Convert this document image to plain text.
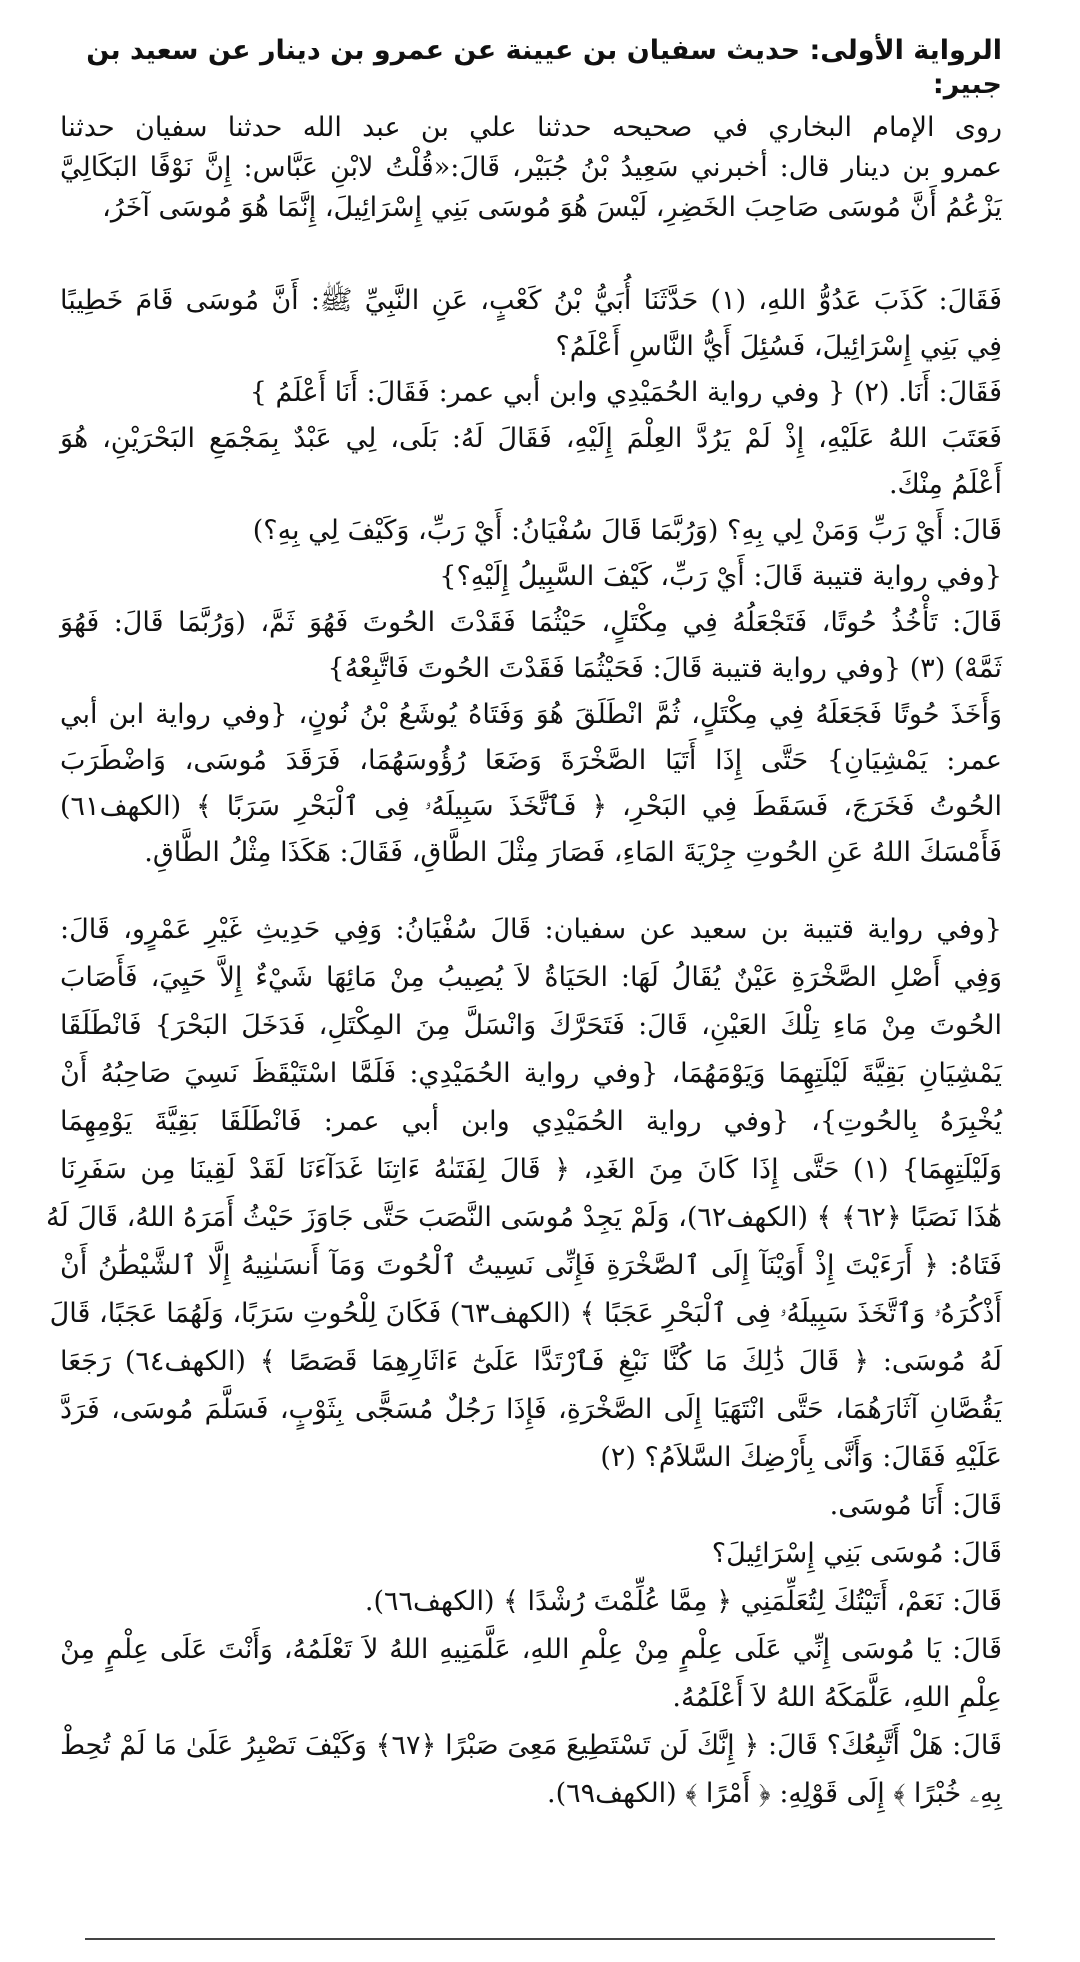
الرواية الأولى: حديث سفيان بن عيينة عن عمرو بن دينار عن سعيد بن جبير:
روى الإمام البخاري في صحيحه حدثنا علي بن عبد الله حدثنا سفيان حدثنا
عمرو بن دينار قال: أخبرني سَعِيدُ بْنُ جُبَيْر، قَالَ:«قُلْتُ لابْنِ عَبَّاس: إِنَّ نَوْفًا البَكَالِيَّ
يَزْعُمُ أَنَّ مُوسَى صَاحِبَ الخَضِرِ، لَيْسَ هُوَ مُوسَى بَنِي إِسْرَائِيلَ، إِنَّمَا هُوَ مُوسَى آخَرُ،
فَقَالَ: كَذَبَ عَدُوُّ اللهِ، (١) حَدَّثَنَا أُبَيُّ بْنُ كَعْبٍ، عَنِ النَّبِيِّ ﷺ: أَنَّ مُوسَى قَامَ خَطِيبًا
فِي بَنِي إِسْرَائِيلَ، فَسُئِلَ أَيُّ النَّاسِ أَعْلَمُ؟
فَقَالَ: أَنَا. (٢) { وفي رواية الحُمَيْدِي وابن أبي عمر: فَقَالَ: أَنَا أَعْلَمُ }
فَعَتَبَ اللهُ عَلَيْهِ، إِذْ لَمْ يَرُدَّ العِلْمَ إِلَيْهِ، فَقَالَ لَهُ: بَلَى، لِي عَبْدٌ بِمَجْمَعِ البَحْرَيْنِ، هُوَ
أَعْلَمُ مِنْكَ.
قَالَ: أَيْ رَبِّ وَمَنْ لِي بِهِ؟ (وَرُبَّمَا قَالَ سُفْيَانُ: أَيْ رَبِّ، وَكَيْفَ لِي بِهِ؟)
{وفي رواية قتيبة قَالَ: أَيْ رَبِّ، كَيْفَ السَّبِيلُ إِلَيْهِ؟}
قَالَ: تَأْخُذُ حُوتًا، فَتَجْعَلُهُ فِي مِكْتَلٍ، حَيْثُمَا فَقَدْتَ الحُوتَ فَهُوَ ثَمَّ، (وَرُبَّمَا قَالَ: فَهُوَ
ثَمَّهْ) (٣) {وفي رواية قتيبة قَالَ: فَحَيْثُمَا فَقَدْتَ الحُوتَ فَاتَّبِعْهُ}
وَأَخَذَ حُوتًا فَجَعَلَهُ فِي مِكْتَلٍ، ثُمَّ انْطَلَقَ هُوَ وَفَتَاهُ يُوشَعُ بْنُ نُونٍ، {وفي رواية ابن أبي
عمر: يَمْشِيَانِ} حَتَّى إِذَا أَتَيَا الصَّخْرَةَ وَضَعَا رُؤُوسَهُمَا، فَرَقَدَ مُوسَى، وَاضْطَرَبَ
الحُوتُ فَخَرَجَ، فَسَقَطَ فِي البَحْرِ، ﴿ فَٱتَّخَذَ سَبِيلَهُۥ فِى ٱلْبَحْرِ سَرَبًا ﴾ (الكهف٦١)
فَأَمْسَكَ اللهُ عَنِ الحُوتِ جِرْيَةَ المَاءِ، فَصَارَ مِثْلَ الطَّاقِ، فَقَالَ: هَكَذَا مِثْلُ الطَّاقِ.
{وفي رواية قتيبة بن سعيد عن سفيان: قَالَ سُفْيَانُ: وَفِي حَدِيثِ غَيْرِ عَمْرٍو، قَالَ:
وَفِي أَصْلِ الصَّخْرَةِ عَيْنٌ يُقَالُ لَهَا: الحَيَاةُ لاَ يُصِيبُ مِنْ مَائِهَا شَيْءٌ إِلاَّ حَيِيَ، فَأَصَابَ
الحُوتَ مِنْ مَاءِ تِلْكَ العَيْنِ، قَالَ: فَتَحَرَّكَ وَانْسَلَّ مِنَ المِكْتَلِ، فَدَخَلَ البَحْرَ} فَانْطَلَقَا
يَمْشِيَانِ بَقِيَّةَ لَيْلَتِهِمَا وَيَوْمَهُمَا، {وفي رواية الحُمَيْدِي: فَلَمَّا اسْتَيْقَظَ نَسِيَ صَاحِبُهُ أَنْ
يُخْبِرَهُ بِالحُوتِ}، {وفي رواية الحُمَيْدِي وابن أبي عمر: فَانْطَلَقَا بَقِيَّةَ يَوْمِهِمَا
وَلَيْلَتِهِمَا} (١) حَتَّى إِذَا كَانَ مِنَ الغَدِ، ﴿ قَالَ لِفَتَىٰهُ ءَاتِنَا غَدَآءَنَا لَقَدْ لَقِينَا مِن سَفَرِنَا
هَٰذَا نَصَبًا ﴿٦٢﴾ ﴾ (الكهف٦٢)، وَلَمْ يَجِدْ مُوسَى النَّصَبَ حَتَّى جَاوَزَ حَيْثُ أَمَرَهُ اللهُ، قَالَ لَهُ
فَتَاهُ: ﴿ أَرَءَيْتَ إِذْ أَوَيْنَآ إِلَى ٱلصَّخْرَةِ فَإِنِّى نَسِيتُ ٱلْحُوتَ وَمَآ أَنسَىٰنِيهُ إِلَّا ٱلشَّيْطَٰنُ أَنْ
أَذْكُرَهُۥ وَٱتَّخَذَ سَبِيلَهُۥ فِى ٱلْبَحْرِ عَجَبًا ﴾ (الكهف٦٣) فَكَانَ لِلْحُوتِ سَرَبًا، وَلَهُمَا عَجَبًا، قَالَ
لَهُ مُوسَى: ﴿ قَالَ ذَٰلِكَ مَا كُنَّا نَبْغِ فَٱرْتَدَّا عَلَىٰٓ ءَاثَارِهِمَا قَصَصًا ﴾ (الكهف٦٤) رَجَعَا
يَقُصَّانِ آثَارَهُمَا، حَتَّى انْتَهَيَا إِلَى الصَّخْرَةِ، فَإِذَا رَجُلٌ مُسَجًّى بِثَوْبٍ، فَسَلَّمَ مُوسَى، فَرَدَّ
عَلَيْهِ فَقَالَ: وَأَنَّى بِأَرْضِكَ السَّلاَمُ؟ (٢)
قَالَ: أَنَا مُوسَى.
قَالَ: مُوسَى بَنِي إِسْرَائِيلَ؟
قَالَ: نَعَمْ، أَتَيْتُكَ لِتُعَلِّمَنِي ﴿ مِمَّا عُلِّمْتَ رُشْدًا ﴾ (الكهف٦٦).
قَالَ: يَا مُوسَى إِنِّي عَلَى عِلْمٍ مِنْ عِلْمِ اللهِ، عَلَّمَنِيهِ اللهُ لاَ تَعْلَمُهُ، وَأَنْتَ عَلَى عِلْمٍ مِنْ
عِلْمِ اللهِ، عَلَّمَكَهُ اللهُ لاَ أَعْلَمُهُ.
قَالَ: هَلْ أَتَّبِعُكَ؟ قَالَ: ﴿ إِنَّكَ لَن تَسْتَطِيعَ مَعِىَ صَبْرًا ﴿٦٧﴾ وَكَيْفَ تَصْبِرُ عَلَىٰ مَا لَمْ تُحِطْ
بِهِۦ خُبْرًا ﴾ إِلَى قَوْلِهِ: ﴿ أَمْرًا ﴾ (الكهف٦٩).
